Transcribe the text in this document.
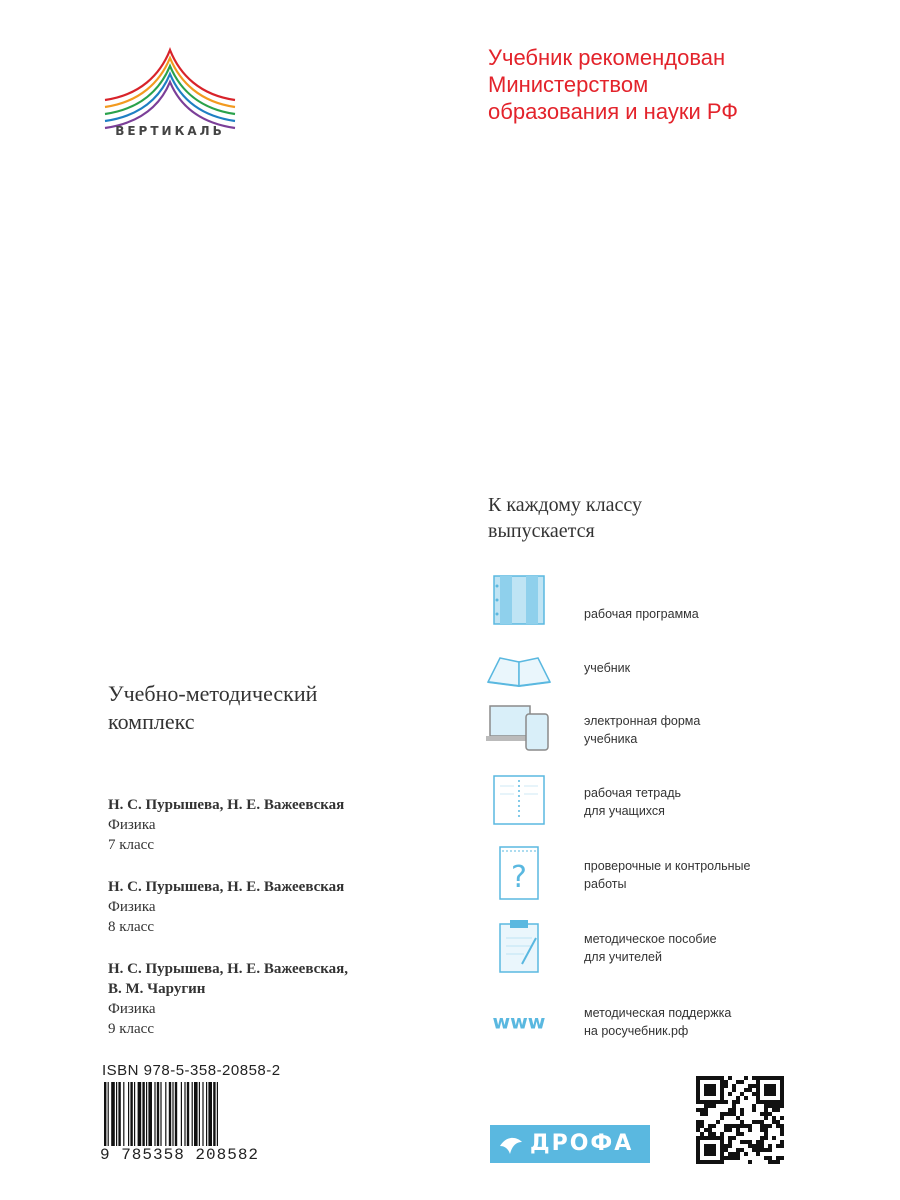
ВЕРТИКАЛЬ
Учебник рекомендован
Министерством
образования и науки РФ
Учебно-методический
комплекс
Н. С. Пурышева, Н. Е. Важеевская
Физика
7 класс
Н. С. Пурышева, Н. Е. Важеевская
Физика
8 класс
Н. С. Пурышева, Н. Е. Важеевская,
В. М. Чаругин
Физика
9 класс
К каждому классу
выпускается
рабочая программа
учебник
электронная форма
учебника
рабочая тетрадь
для учащихся
?	проверочные и контрольные
работы
методическое пособие
для учителей
www	методическая поддержка
на росучебник.рф
ISBN 978-5-358-20858-2
9 785358 208582	ДРОФА
